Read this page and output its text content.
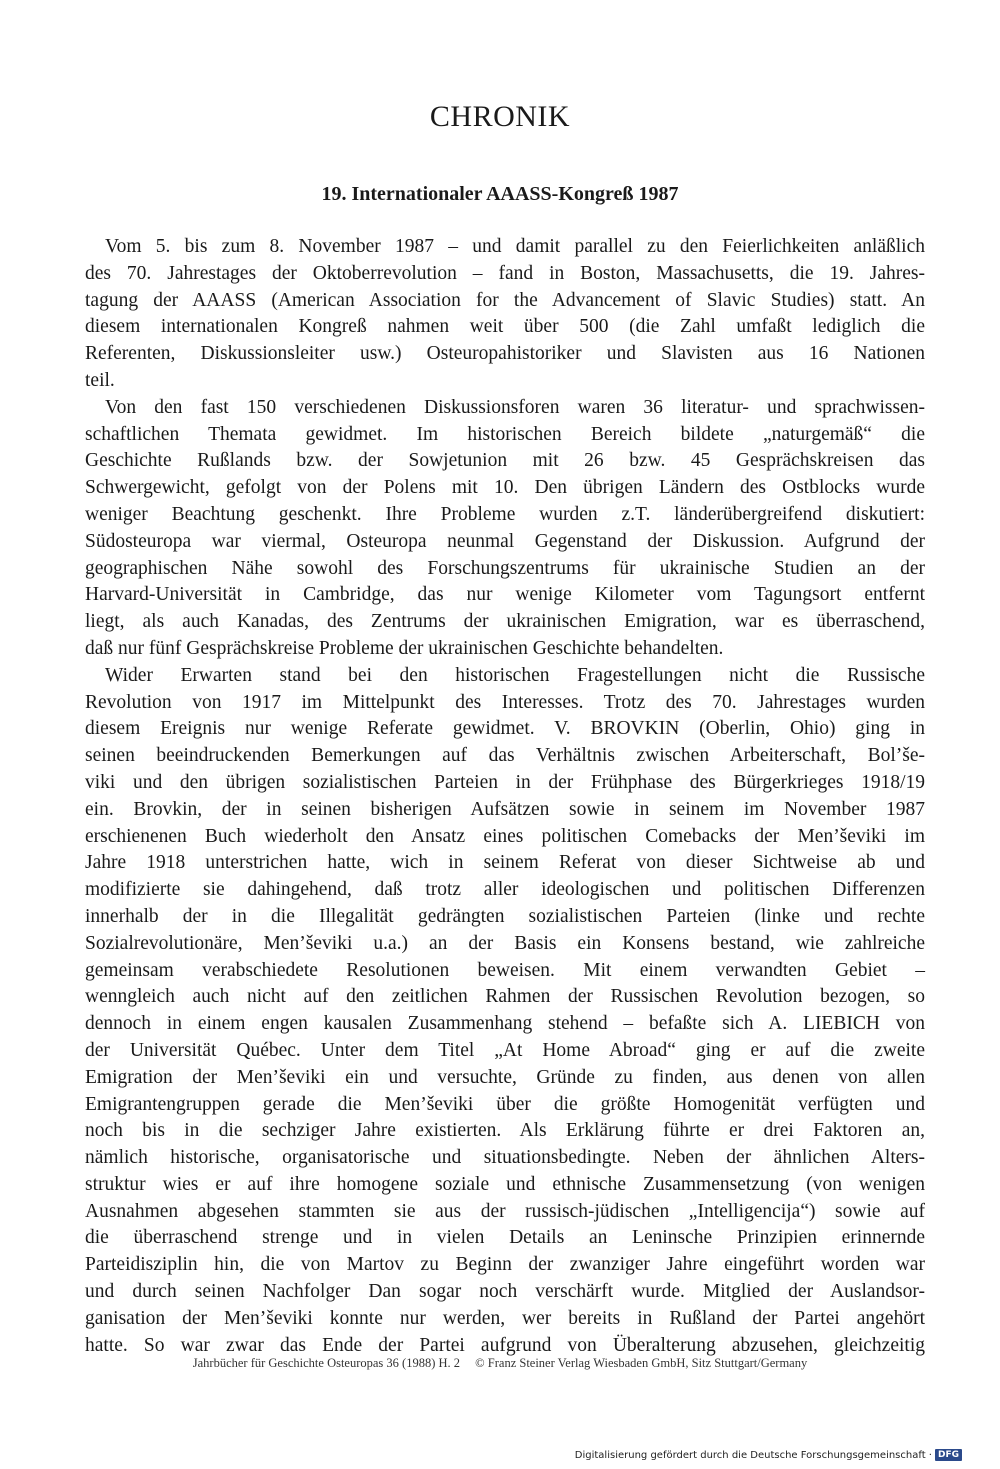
CHRONIK
19. Internationaler AAASS-Kongreß 1987
Vom 5. bis zum 8. November 1987 – und damit parallel zu den Feierlichkeiten anläßlich
des 70. Jahrestages der Oktoberrevolution – fand in Boston, Massachusetts, die 19. Jahres-
tagung der AAASS (American Association for the Advancement of Slavic Studies) statt. An
diesem internationalen Kongreß nahmen weit über 500 (die Zahl umfaßt lediglich die
Referenten, Diskussionsleiter usw.) Osteuropahistoriker und Slavisten aus 16 Nationen
teil.
Von den fast 150 verschiedenen Diskussionsforen waren 36 literatur- und sprachwissen-
schaftlichen Themata gewidmet. Im historischen Bereich bildete „naturgemäß“ die
Geschichte Rußlands bzw. der Sowjetunion mit 26 bzw. 45 Gesprächskreisen das
Schwergewicht, gefolgt von der Polens mit 10. Den übrigen Ländern des Ostblocks wurde
weniger Beachtung geschenkt. Ihre Probleme wurden z.T. länderübergreifend diskutiert:
Südosteuropa war viermal, Osteuropa neunmal Gegenstand der Diskussion. Aufgrund der
geographischen Nähe sowohl des Forschungszentrums für ukrainische Studien an der
Harvard-Universität in Cambridge, das nur wenige Kilometer vom Tagungsort entfernt
liegt, als auch Kanadas, des Zentrums der ukrainischen Emigration, war es überraschend,
daß nur fünf Gesprächskreise Probleme der ukrainischen Geschichte behandelten.
Wider Erwarten stand bei den historischen Fragestellungen nicht die Russische
Revolution von 1917 im Mittelpunkt des Interesses. Trotz des 70. Jahrestages wurden
diesem Ereignis nur wenige Referate gewidmet. V. BROVKIN (Oberlin, Ohio) ging in
seinen beeindruckenden Bemerkungen auf das Verhältnis zwischen Arbeiterschaft, Bol’še-
viki und den übrigen sozialistischen Parteien in der Frühphase des Bürgerkrieges 1918/19
ein. Brovkin, der in seinen bisherigen Aufsätzen sowie in seinem im November 1987
erschienenen Buch wiederholt den Ansatz eines politischen Comebacks der Men’ševiki im
Jahre 1918 unterstrichen hatte, wich in seinem Referat von dieser Sichtweise ab und
modifizierte sie dahingehend, daß trotz aller ideologischen und politischen Differenzen
innerhalb der in die Illegalität gedrängten sozialistischen Parteien (linke und rechte
Sozialrevolutionäre, Men’ševiki u.a.) an der Basis ein Konsens bestand, wie zahlreiche
gemeinsam verabschiedete Resolutionen beweisen. Mit einem verwandten Gebiet –
wenngleich auch nicht auf den zeitlichen Rahmen der Russischen Revolution bezogen, so
dennoch in einem engen kausalen Zusammenhang stehend – befaßte sich A. LIEBICH von
der Universität Québec. Unter dem Titel „At Home Abroad“ ging er auf die zweite
Emigration der Men’ševiki ein und versuchte, Gründe zu finden, aus denen von allen
Emigrantengruppen gerade die Men’ševiki über die größte Homogenität verfügten und
noch bis in die sechziger Jahre existierten. Als Erklärung führte er drei Faktoren an,
nämlich historische, organisatorische und situationsbedingte. Neben der ähnlichen Alters-
struktur wies er auf ihre homogene soziale und ethnische Zusammensetzung (von wenigen
Ausnahmen abgesehen stammten sie aus der russisch-jüdischen „Intelligencija“) sowie auf
die überraschend strenge und in vielen Details an Leninsche Prinzipien erinnernde
Parteidisziplin hin, die von Martov zu Beginn der zwanziger Jahre eingeführt worden war
und durch seinen Nachfolger Dan sogar noch verschärft wurde. Mitglied der Auslandsor-
ganisation der Men’ševiki konnte nur werden, wer bereits in Rußland der Partei angehört
hatte. So war zwar das Ende der Partei aufgrund von Überalterung abzusehen, gleichzeitig

Jahrbücher für Geschichte Osteuropas 36 (1988) H. 2 © Franz Steiner Verlag Wiesbaden GmbH, Sitz Stuttgart/Germany

Digitalisierung gefördert durch die Deutsche Forschungsgemeinschaft · DFG
